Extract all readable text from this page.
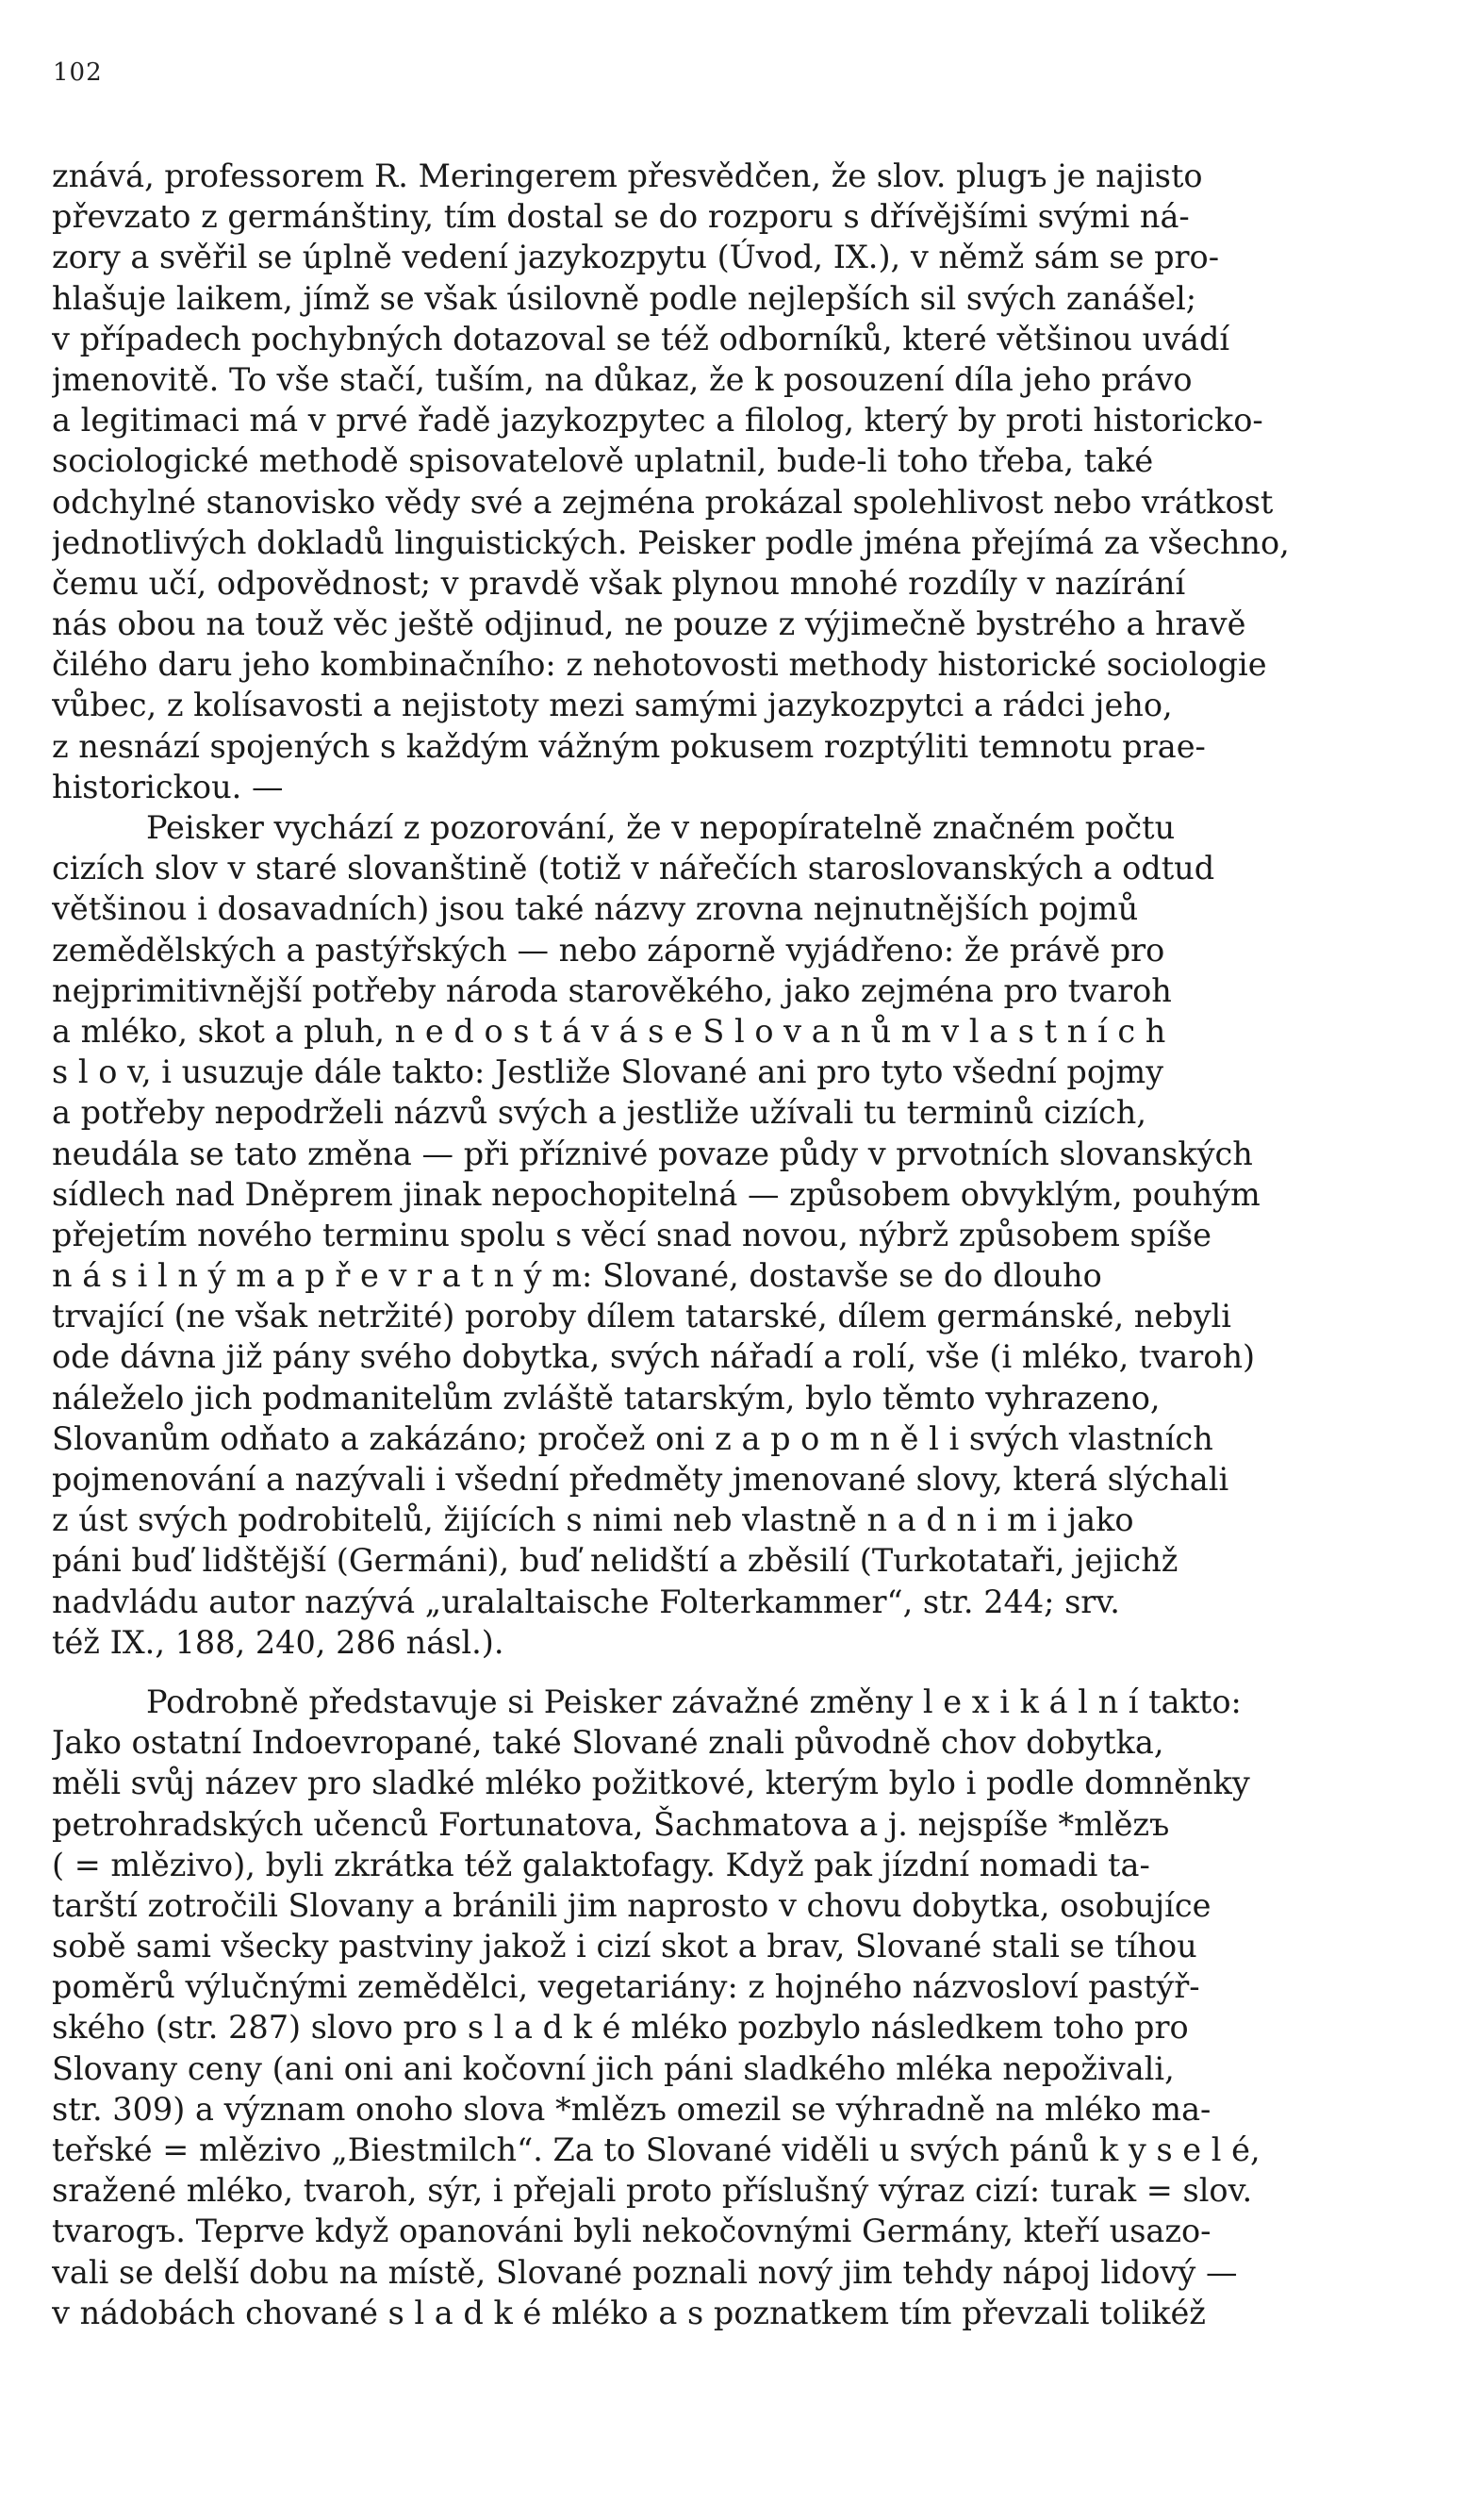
102
znává, professorem R. Meringerem přesvědčen, že slov. plugъ je najisto
převzato z germánštiny, tím dostal se do rozporu s dřívějšími svými ná-
zory a svěřil se úplně vedení jazykozpytu (Úvod, IX.), v němž sám se pro-
hlašuje laikem, jímž se však úsilovně podle nejlepších sil svých zanášel;
v případech pochybných dotazoval se též odborníků, které většinou uvádí
jmenovitě. To vše stačí, tuším, na důkaz, že k posouzení díla jeho právo
a legitimaci má v prvé řadě jazykozpytec a filolog, který by proti historicko-
sociologické methodě spisovatelově uplatnil, bude-li toho třeba, také
odchylné stanovisko vědy své a zejména prokázal spolehlivost nebo vrátkost
jednotlivých dokladů linguistických. Peisker podle jména přejímá za všechno,
čemu učí, odpovědnost; v pravdě však plynou mnohé rozdíly v nazírání
nás obou na touž věc ještě odjinud, ne pouze z výjimečně bystrého a hravě
čilého daru jeho kombinačního: z nehotovosti methody historické sociologie
vůbec, z kolísavosti a nejistoty mezi samými jazykozpytci a rádci jeho,
z nesnází spojených s každým vážným pokusem rozptýliti temnotu prae-
historickou. —
Peisker vychází z pozorování, že v nepopíratelně značném počtu
cizích slov v staré slovanštině (totiž v nářečích staroslovanských a odtud
většinou i dosavadních) jsou také názvy zrovna nejnutnějších pojmů
zemědělských a pastýřských — nebo záporně vyjádřeno: že právě pro
nejprimitivnější potřeby národa starověkého, jako zejména pro tvaroh
a mléko, skot a pluh, n e d o s t á v á s e S l o v a n ů m v l a s t n í c h
s l o v, i usuzuje dále takto: Jestliže Slované ani pro tyto všední pojmy
a potřeby nepodrželi názvů svých a jestliže užívali tu terminů cizích,
neudála se tato změna — při příznivé povaze půdy v prvotních slovanských
sídlech nad Dněprem jinak nepochopitelná — způsobem obvyklým, pouhým
přejetím nového terminu spolu s věcí snad novou, nýbrž způsobem spíše
n á s i l n ý m a p ř e v r a t n ý m: Slované, dostavše se do dlouho
trvající (ne však netržité) poroby dílem tatarské, dílem germánské, nebyli
ode dávna již pány svého dobytka, svých nářadí a rolí, vše (i mléko, tvaroh)
náleželo jich podmanitelům zvláště tatarským, bylo těmto vyhrazeno,
Slovanům odňato a zakázáno; pročež oni z a p o m n ě l i svých vlastních
pojmenování a nazývali i všední předměty jmenované slovy, která slýchali
z úst svých podrobitelů, žijících s nimi neb vlastně n a d n i m i jako
páni buď lidštější (Germáni), buď nelidští a zběsilí (Turkotataři, jejichž
nadvládu autor nazývá „uralaltaische Folterkammer“, str. 244; srv.
též IX., 188, 240, 286 násl.).
Podrobně představuje si Peisker závažné změny l e x i k á l n í takto:
Jako ostatní Indoevropané, také Slované znali původně chov dobytka,
měli svůj název pro sladké mléko požitkové, kterým bylo i podle domněnky
petrohradských učenců Fortunatova, Šachmatova a j. nejspíše *mlězъ
( = mlězivo), byli zkrátka též galaktofagy. Když pak jízdní nomadi ta-
tarští zotročili Slovany a bránili jim naprosto v chovu dobytka, osobujíce
sobě sami všecky pastviny jakož i cizí skot a brav, Slované stali se tíhou
poměrů výlučnými zemědělci, vegetariány: z hojného názvosloví pastýř-
ského (str. 287) slovo pro s l a d k é mléko pozbylo následkem toho pro
Slovany ceny (ani oni ani kočovní jich páni sladkého mléka nepoživali,
str. 309) a význam onoho slova *mlězъ omezil se výhradně na mléko ma-
teřské = mlězivo „Biestmilch“. Za to Slované viděli u svých pánů k y s e l é,
sražené mléko, tvaroh, sýr, i přejali proto příslušný výraz cizí: turak = slov.
tvarogъ. Teprve když opanováni byli nekočovnými Germány, kteří usazo-
vali se delší dobu na místě, Slované poznali nový jim tehdy nápoj lidový —
v nádobách chované s l a d k é mléko a s poznatkem tím převzali tolikéž
